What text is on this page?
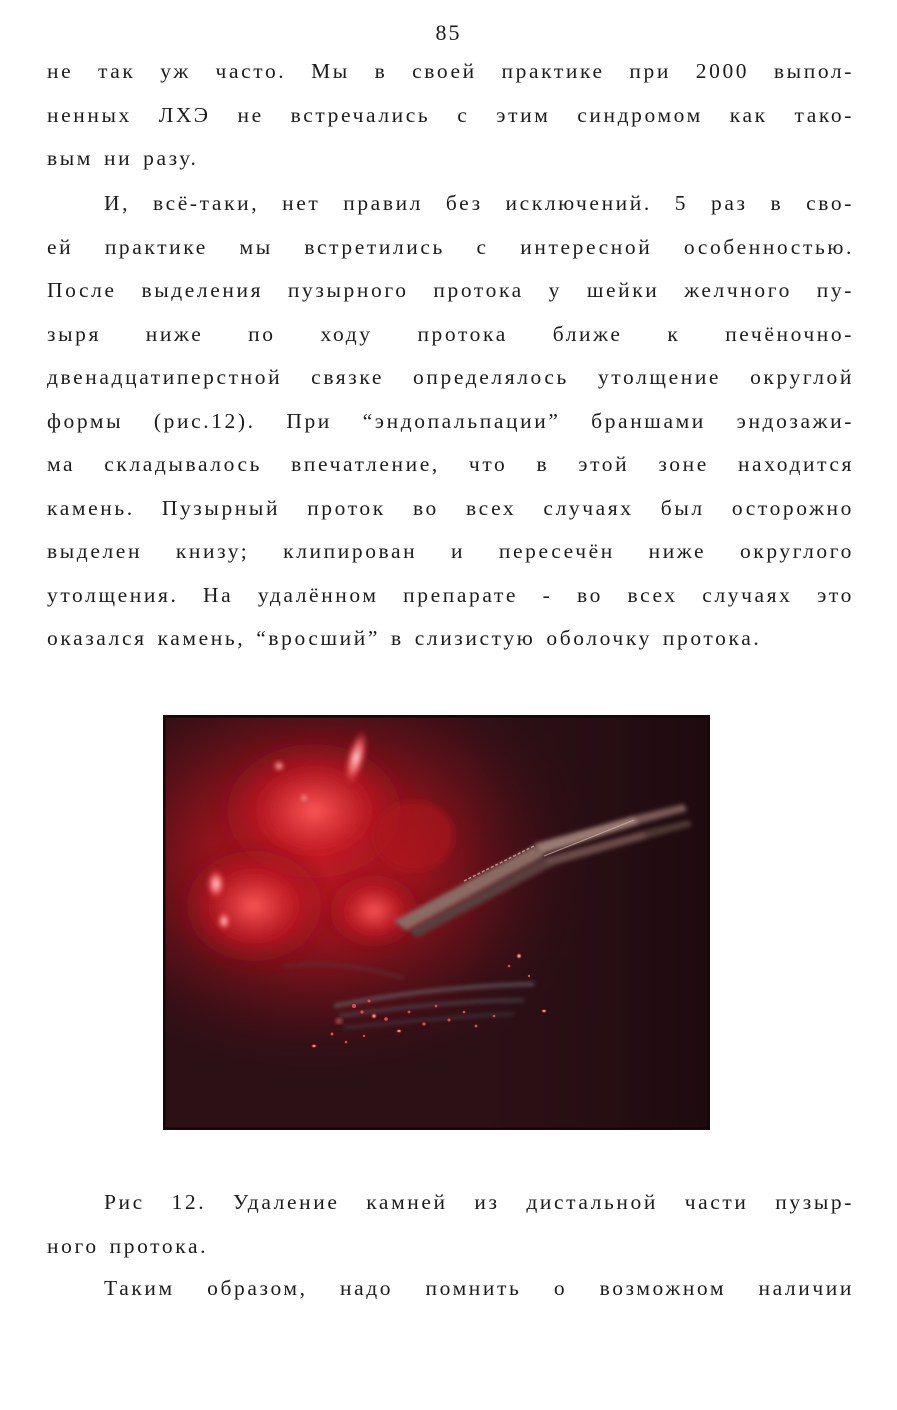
85
не так уж часто. Мы в своей практике при 2000 выпол-
ненных ЛХЭ не встречались с этим синдромом как тако-
вым ни разу.
И, всё-таки, нет правил без исключений. 5 раз в сво-
ей практике мы встретились с интересной особенностью.
После выделения пузырного протока у шейки желчного пу-
зыря ниже по ходу протока ближе к печёночно-
двенадцатиперстной связке определялось утолщение округлой
формы (рис.12). При “эндопальпации” браншами эндозажи-
ма складывалось впечатление, что в этой зоне находится
камень. Пузырный проток во всех случаях был осторожно
выделен книзу; клипирован и пересечён ниже округлого
утолщения. На удалённом препарате - во всех случаях это
оказался камень, “вросший” в слизистую оболочку протока.
Рис 12. Удаление камней из дистальной части пузыр-
ного протока.
Таким образом, надо помнить о возможном наличии
